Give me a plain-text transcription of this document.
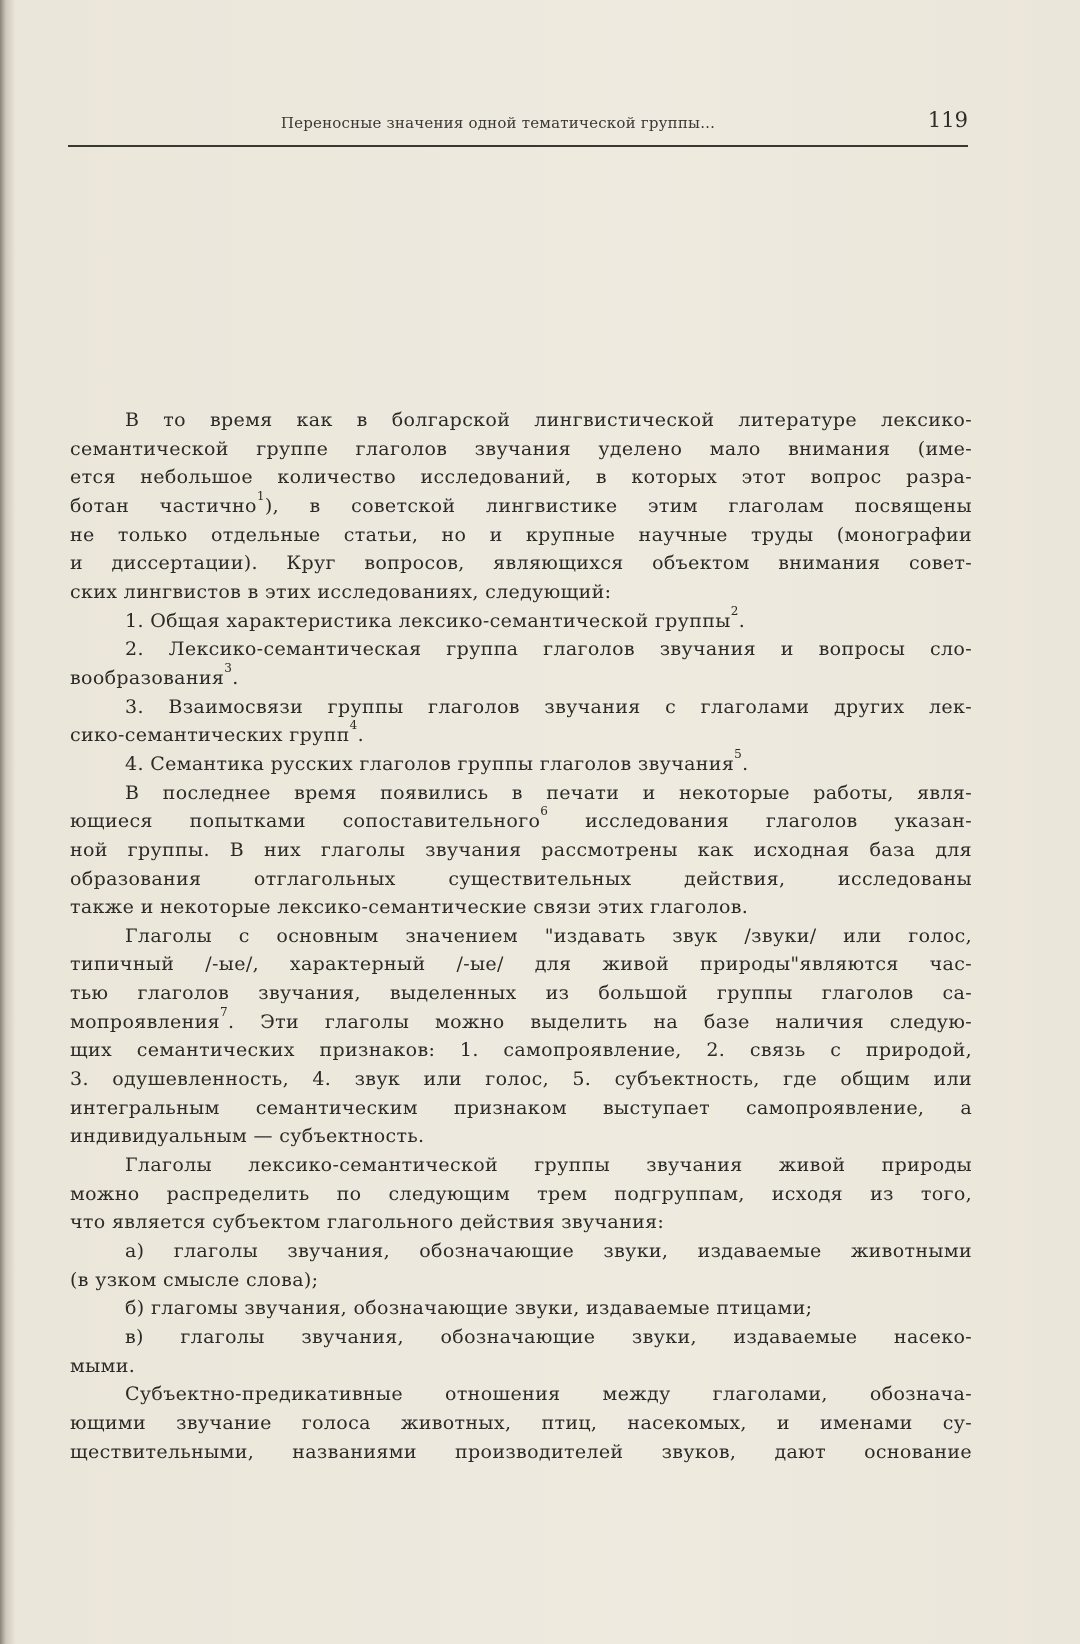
Переносные значения одной тематической группы...	119
В то время как в болгарской лингвистической литературе лексико-
семантической группе глаголов звучания уделено мало внимания (име-
ется небольшое количество исследований, в которых этот вопрос разра-
ботан частично$^1$), в советской лингвистике этим глаголам посвящены
не только отдельные статьи, но и крупные научные труды (монографии
и диссертации). Круг вопросов, являющихся объектом внимания совет-
ских лингвистов в этих исследованиях, следующий:
1. Общая характеристика лексико-семантической группы$^2$.
2. Лексико-семантическая группа глаголов звучания и вопросы сло-
вообразования$^3$.
3. Взаимосвязи группы глаголов звучания с глаголами других лек-
сико-семантических групп$^4$.
4. Семантика русских глаголов группы глаголов звучания$^5$.
В последнее время появились в печати и некоторые работы, явля-
ющиеся попытками сопоставительного$^6$ исследования глаголов указан-
ной группы. В них глаголы звучания рассмотрены как исходная база для
образования отглагольных существительных действия, исследованы
также и некоторые лексико-семантические связи этих глаголов.
Глаголы с основным значением "издавать звук /звуки/ или голос,
типичный /-ые/, характерный /-ые/ для живой природы"являются час-
тью глаголов звучания, выделенных из большой группы глаголов са-
мопроявления$^7$. Эти глаголы можно выделить на базе наличия следую-
щих семантических признаков: 1. самопроявление, 2. связь с природой,
3. одушевленность, 4. звук или голос, 5. субъектность, где общим или
интегральным семантическим признаком выступает самопроявление, а
индивидуальным — субъектность.
Глаголы лексико-семантической группы звучания живой природы
можно распределить по следующим трем подгруппам, исходя из того,
что является субъектом глагольного действия звучания:
а) глаголы звучания, обозначающие звуки, издаваемые животными
(в узком смысле слова);
б) глагомы звучания, обозначающие звуки, издаваемые птицами;
в) глаголы звучания, обозначающие звуки, издаваемые насеко-
мыми.
Субъектно-предикативные отношения между глаголами, обознача-
ющими звучание голоса животных, птиц, насекомых, и именами су-
ществительными, названиями производителей звуков, дают основание
